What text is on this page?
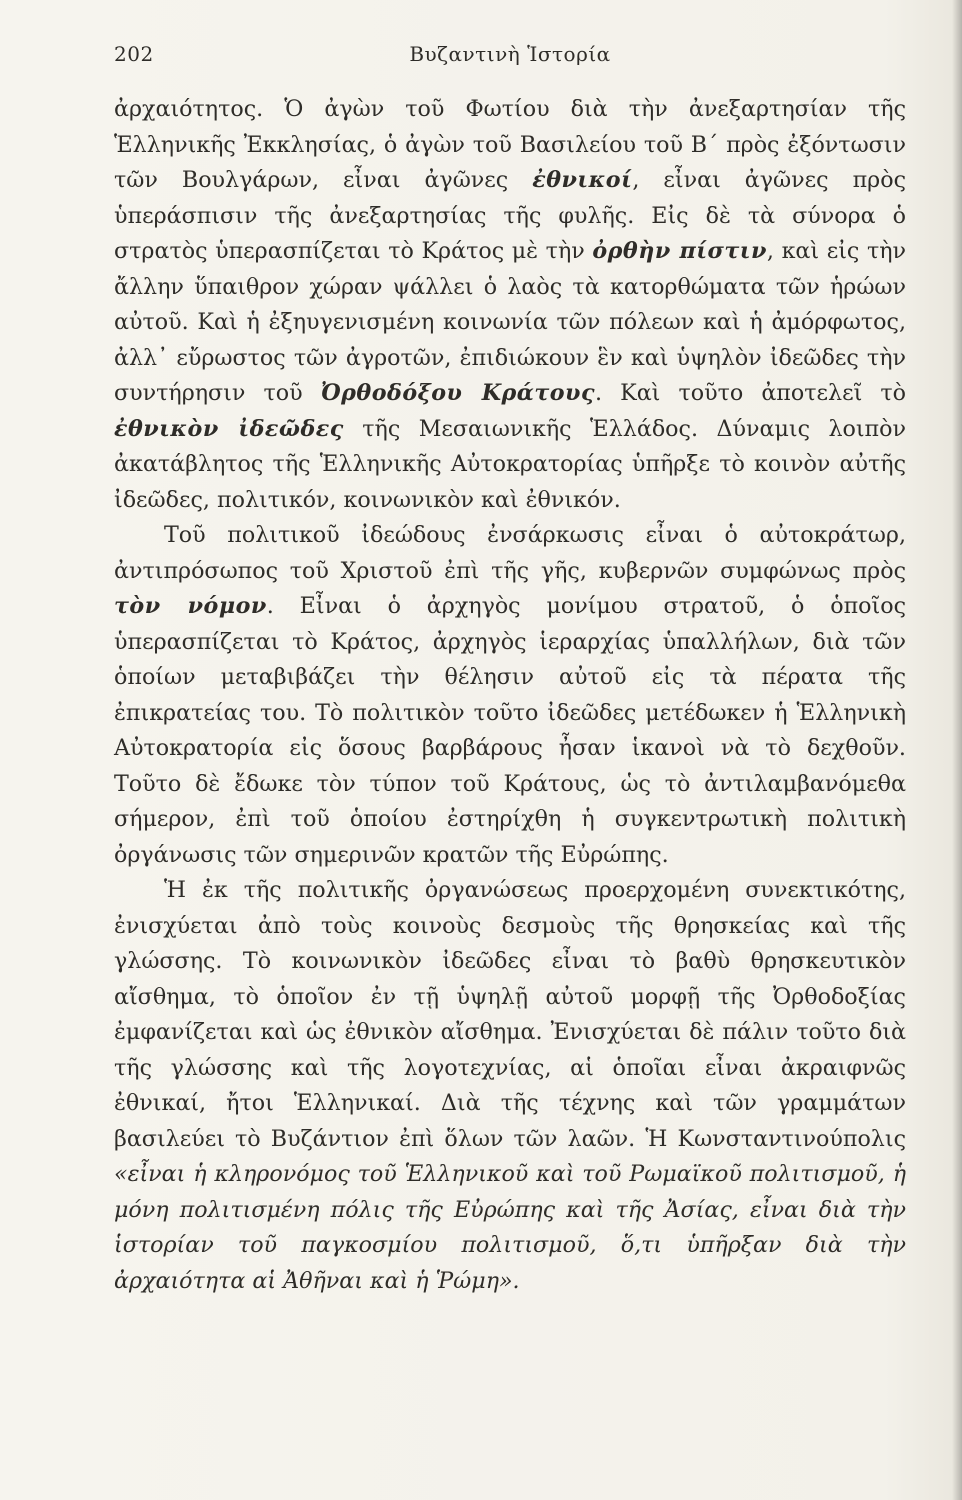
202	Βυζαντινὴ Ἱστορία

ἀρχαιότητος. Ὁ ἀγὼν τοῦ Φωτίου διὰ τὴν ἀνεξαρτησίαν τῆς Ἑλληνικῆς Ἐκκλησίας, ὁ ἀγὼν τοῦ Βασιλείου τοῦ Β΄ πρὸς ἐξόντωσιν τῶν Βουλγάρων, εἶναι ἀγῶνες ἐθνικοί, εἶναι ἀγῶνες πρὸς ὑπεράσπισιν τῆς ἀνεξαρτησίας τῆς φυλῆς. Εἰς δὲ τὰ σύνορα ὁ στρατὸς ὑπερασπίζεται τὸ Κράτος μὲ τὴν ὀρθὴν πίστιν, καὶ εἰς τὴν ἄλλην ὕπαιθρον χώραν ψάλλει ὁ λαὸς τὰ κατορθώματα τῶν ἡρώων αὐτοῦ. Καὶ ἡ ἐξηυγενισμένη κοινωνία τῶν πόλεων καὶ ἡ ἀμόρφωτος, ἀλλ᾽ εὔρωστος τῶν ἀγροτῶν, ἐπιδιώκουν ἓν καὶ ὑψηλὸν ἰδεῶδες τὴν συντήρησιν τοῦ Ὀρθοδόξου Κράτους. Καὶ τοῦτο ἀποτελεῖ τὸ ἐθνικὸν ἰδεῶδες τῆς Μεσαιωνικῆς Ἑλλάδος. Δύναμις λοιπὸν ἀκατάβλητος τῆς Ἑλληνικῆς Αὐτοκρατορίας ὑπῆρξε τὸ κοινὸν αὐτῆς ἰδεῶδες, πολιτικόν, κοινωνικὸν καὶ ἐθνικόν.

Τοῦ πολιτικοῦ ἰδεώδους ἐνσάρκωσις εἶναι ὁ αὐτοκράτωρ, ἀντιπρόσωπος τοῦ Χριστοῦ ἐπὶ τῆς γῆς, κυβερνῶν συμφώνως πρὸς τὸν νόμον. Εἶναι ὁ ἀρχηγὸς μονίμου στρατοῦ, ὁ ὁποῖος ὑπερασπίζεται τὸ Κράτος, ἀρχηγὸς ἱεραρχίας ὑπαλλήλων, διὰ τῶν ὁποίων μεταβιβάζει τὴν θέλησιν αὐτοῦ εἰς τὰ πέρατα τῆς ἐπικρατείας του. Τὸ πολιτικὸν τοῦτο ἰδεῶδες μετέδωκεν ἡ Ἑλληνικὴ Αὐτοκρατορία εἰς ὅσους βαρβάρους ἦσαν ἱκανοὶ νὰ τὸ δεχθοῦν. Τοῦτο δὲ ἔδωκε τὸν τύπον τοῦ Κράτους, ὡς τὸ ἀντιλαμβανόμεθα σήμερον, ἐπὶ τοῦ ὁποίου ἐστηρίχθη ἡ συγκεντρωτικὴ πολιτικὴ ὀργάνωσις τῶν σημερινῶν κρατῶν τῆς Εὐρώπης.

Ἡ ἐκ τῆς πολιτικῆς ὀργανώσεως προερχομένη συνεκτικότης, ἐνισχύεται ἀπὸ τοὺς κοινοὺς δεσμοὺς τῆς θρησκείας καὶ τῆς γλώσσης. Τὸ κοινωνικὸν ἰδεῶδες εἶναι τὸ βαθὺ θρησκευτικὸν αἴσθημα, τὸ ὁποῖον ἐν τῇ ὑψηλῇ αὐτοῦ μορφῇ τῆς Ὀρθοδοξίας ἐμφανίζεται καὶ ὡς ἐθνικὸν αἴσθημα. Ἐνισχύεται δὲ πάλιν τοῦτο διὰ τῆς γλώσσης καὶ τῆς λογοτεχνίας, αἱ ὁποῖαι εἶναι ἀκραιφνῶς ἐθνικαί, ἤτοι Ἑλληνικαί. Διὰ τῆς τέχνης καὶ τῶν γραμμάτων βασιλεύει τὸ Βυζάντιον ἐπὶ ὅλων τῶν λαῶν. Ἡ Κωνσταντινούπολις «εἶναι ἡ κληρονόμος τοῦ Ἑλληνικοῦ καὶ τοῦ Ρωμαϊκοῦ πολιτισμοῦ, ἡ μόνη πολιτισμένη πόλις τῆς Εὐρώπης καὶ τῆς Ἀσίας, εἶναι διὰ τὴν ἱστορίαν τοῦ παγκοσμίου πολιτισμοῦ, ὅ,τι ὑπῆρξαν διὰ τὴν ἀρχαιότητα αἱ Ἀθῆναι καὶ ἡ Ῥώμη».
